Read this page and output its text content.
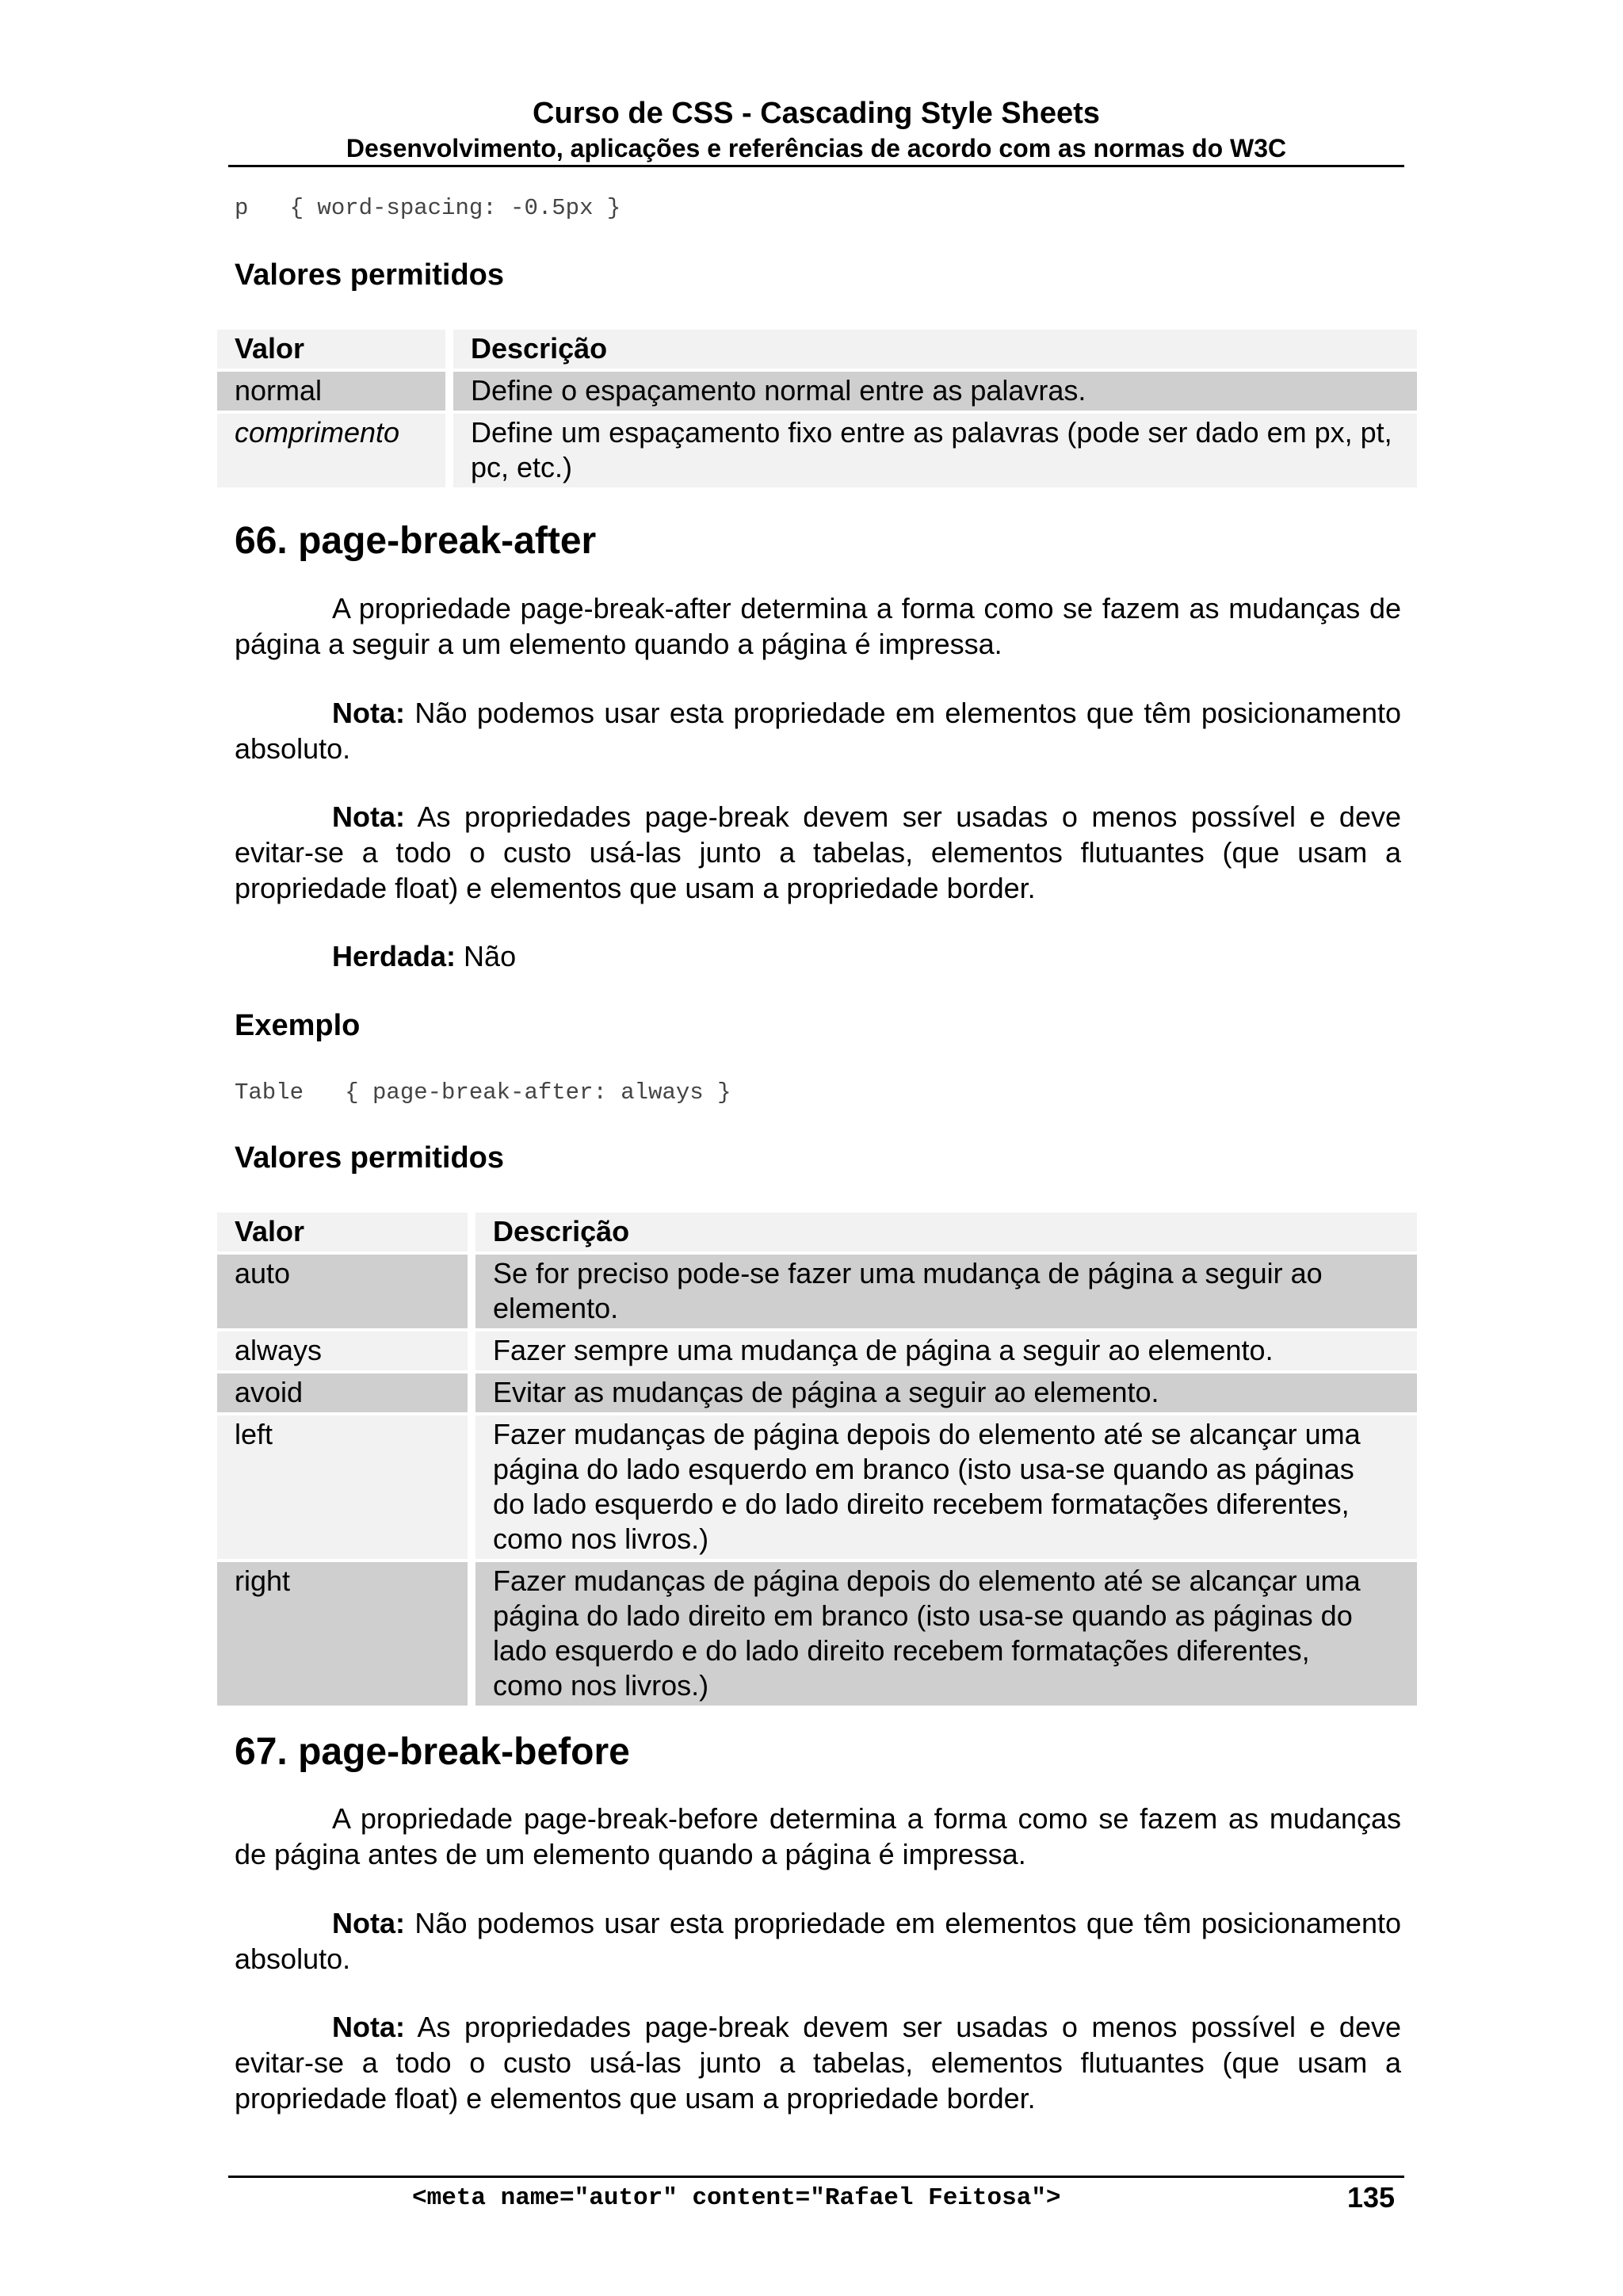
Curso de CSS - Cascading Style Sheets
Desenvolvimento, aplicações e referências de acordo com as normas do W3C
p   { word-spacing: -0.5px }
Valores permitidos
Valor	Descrição
normal	Define o espaçamento normal entre as palavras.
comprimento	Define um espaçamento fixo entre as palavras (pode ser dado em px, pt, pc, etc.)
66. page-break-after
A propriedade page-break-after determina a forma como se fazem as mudanças de página a seguir a um elemento quando a página é impressa.
Nota: Não podemos usar esta propriedade em elementos que têm posicionamento absoluto.
Nota: As propriedades page-break devem ser usadas o menos possível e deve evitar-se a todo o custo usá-las junto a tabelas, elementos flutuantes (que usam a propriedade float) e elementos que usam a propriedade border.
Herdada: Não
Exemplo
Table   { page-break-after: always }
Valores permitidos
Valor	Descrição
auto	Se for preciso pode-se fazer uma mudança de página a seguir ao elemento.
always	Fazer sempre uma mudança de página a seguir ao elemento.
avoid	Evitar as mudanças de página a seguir ao elemento.
left	Fazer mudanças de página depois do elemento até se alcançar uma página do lado esquerdo em branco (isto usa-se quando as páginas do lado esquerdo e do lado direito recebem formatações diferentes, como nos livros.)
right	Fazer mudanças de página depois do elemento até se alcançar uma página do lado direito em branco (isto usa-se quando as páginas do lado esquerdo e do lado direito recebem formatações diferentes, como nos livros.)
67. page-break-before
A propriedade page-break-before determina a forma como se fazem as mudanças de página antes de um elemento quando a página é impressa.
Nota: Não podemos usar esta propriedade em elementos que têm posicionamento absoluto.
Nota: As propriedades page-break devem ser usadas o menos possível e deve evitar-se a todo o custo usá-las junto a tabelas, elementos flutuantes (que usam a propriedade float) e elementos que usam a propriedade border.
<meta name="autor" content="Rafael Feitosa">	135
